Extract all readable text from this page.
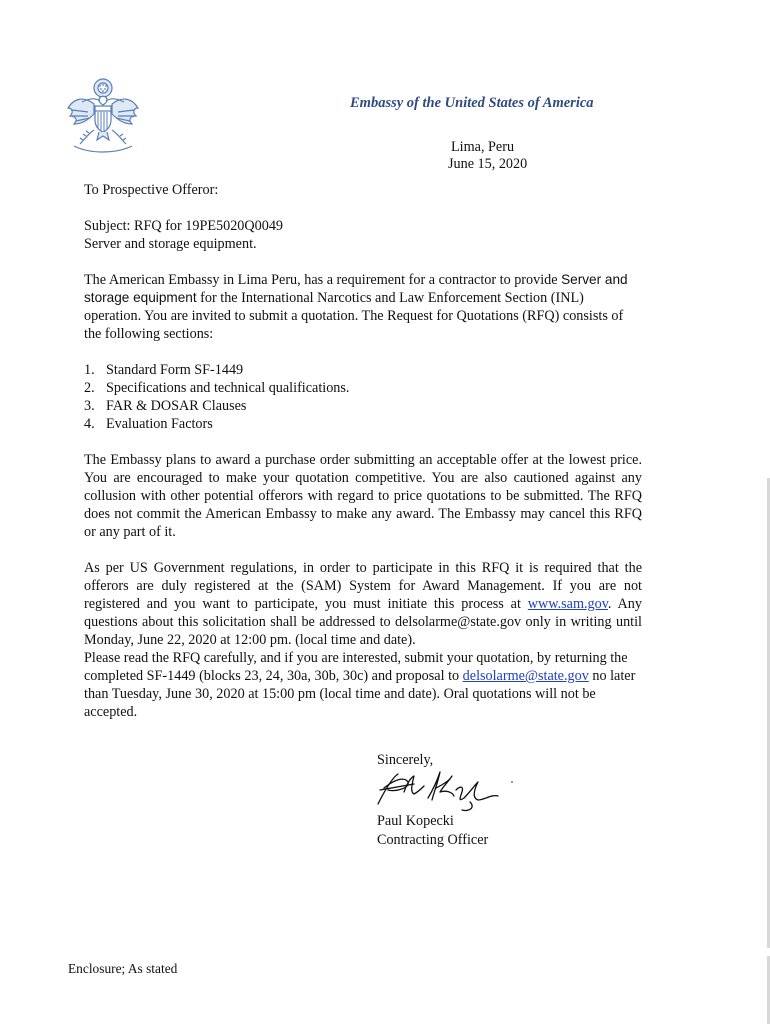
Embassy of the United States of America
Lima, Peru
June 15, 2020

To Prospective Offeror:

Subject: RFQ for 19PE5020Q0049

Server and storage equipment.

The American Embassy in Lima Peru, has a requirement for a contractor to provide Server and storage equipment for the International Narcotics and Law Enforcement Section (INL) operation. You are invited to submit a quotation. The Request for Quotations (RFQ) consists of the following sections:

1. Standard Form SF-1449
2. Specifications and technical qualifications.
3. FAR & DOSAR Clauses
4. Evaluation Factors

The Embassy plans to award a purchase order submitting an acceptable offer at the lowest price. You are encouraged to make your quotation competitive. You are also cautioned against any collusion with other potential offerors with regard to price quotations to be submitted. The RFQ does not commit the American Embassy to make any award. The Embassy may cancel this RFQ or any part of it.

As per US Government regulations, in order to participate in this RFQ it is required that the offerors are duly registered at the (SAM) System for Award Management. If you are not registered and you want to participate, you must initiate this process at www.sam.gov. Any questions about this solicitation shall be addressed to delsolarme@state.gov only in writing until Monday, June 22, 2020 at 12:00 pm. (local time and date).

Please read the RFQ carefully, and if you are interested, submit your quotation, by returning the completed SF-1449 (blocks 23, 24, 30a, 30b, 30c) and proposal to delsolarme@state.gov no later than Tuesday, June 30, 2020 at 15:00 pm (local time and date). Oral quotations will not be accepted.

Sincerely,
Paul Kopecki
Contracting Officer
Enclosure; As stated
